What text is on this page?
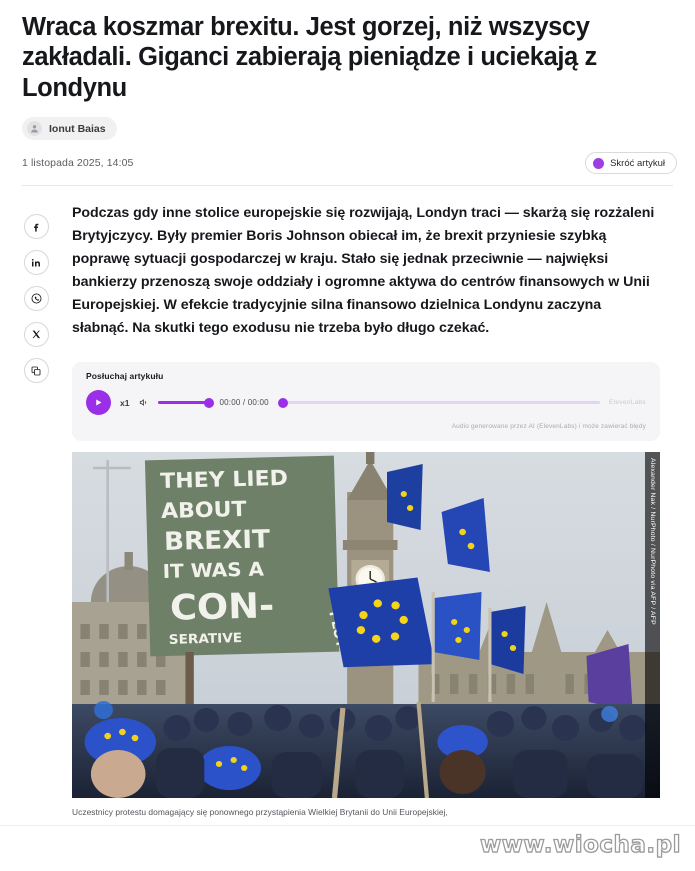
Wraca koszmar brexitu. Jest gorzej, niż wszyscy zakładali. Giganci zabierają pieniądze i uciekają z Londynu
Ionut Baias
1 listopada 2025, 14:05	Skróć artykuł

Podczas gdy inne stolice europejskie się rozwijają, Londyn traci — skarżą się rozżaleni Brytyjczycy. Były premier Boris Johnson obiecał im, że brexit przyniesie szybką poprawę sytuacji gospodarczej w kraju. Stało się jednak przeciwnie — najwięksi bankierzy przenoszą swoje oddziały i ogromne aktywa do centrów finansowych w Unii Europejskiej. W efekcie tradycyjnie silna finansowo dzielnica Londynu zaczyna słabnąć. Na skutki tego exodusu nie trzeba było długo czekać.

Posłuchaj artykułu
x1	00:00 / 00:00	ElevenLabs
Audio generowane przez AI (ElevenLabs) i może zawierać błędy
THEY LIED
ABOUT
BREXIT
IT WAS A
CON-
SERATIVE
Alexander Nak / NurPhoto / NurPhoto via AFP / AFP
Uczestnicy protestu domagający się ponownego przystąpienia Wielkiej Brytanii do Unii Europejskiej,
www.wiocha.pl
